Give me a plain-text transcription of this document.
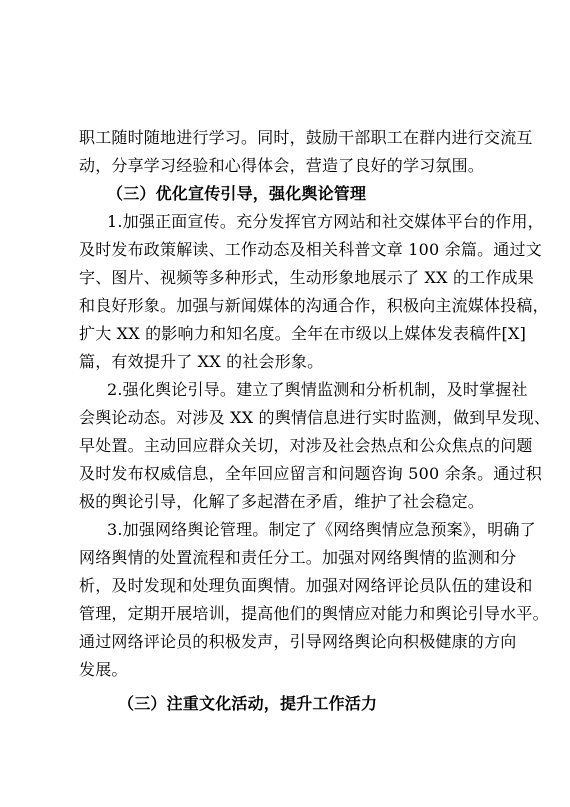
职工随时随地进行学习。同时，鼓励干部职工在群内进行交流互
动，分享学习经验和心得体会，营造了良好的学习氛围。
（三）优化宣传引导，强化舆论管理
1.加强正面宣传。充分发挥官方网站和社交媒体平台的作用，
及时发布政策解读、工作动态及相关科普文章 100 余篇。通过文
字、图片、视频等多种形式，生动形象地展示了 XX 的工作成果
和良好形象。加强与新闻媒体的沟通合作，积极向主流媒体投稿，
扩大 XX 的影响力和知名度。全年在市级以上媒体发表稿件[X]
篇，有效提升了 XX 的社会形象。
2.强化舆论引导。建立了舆情监测和分析机制，及时掌握社
会舆论动态。对涉及 XX 的舆情信息进行实时监测，做到早发现、
早处置。主动回应群众关切，对涉及社会热点和公众焦点的问题
及时发布权威信息，全年回应留言和问题咨询 500 余条。通过积
极的舆论引导，化解了多起潜在矛盾，维护了社会稳定。
3.加强网络舆论管理。制定了《网络舆情应急预案》，明确了
网络舆情的处置流程和责任分工。加强对网络舆情的监测和分
析，及时发现和处理负面舆情。加强对网络评论员队伍的建设和
管理，定期开展培训，提高他们的舆情应对能力和舆论引导水平。
通过网络评论员的积极发声，引导网络舆论向积极健康的方向
发展。
（三）注重文化活动，提升工作活力
